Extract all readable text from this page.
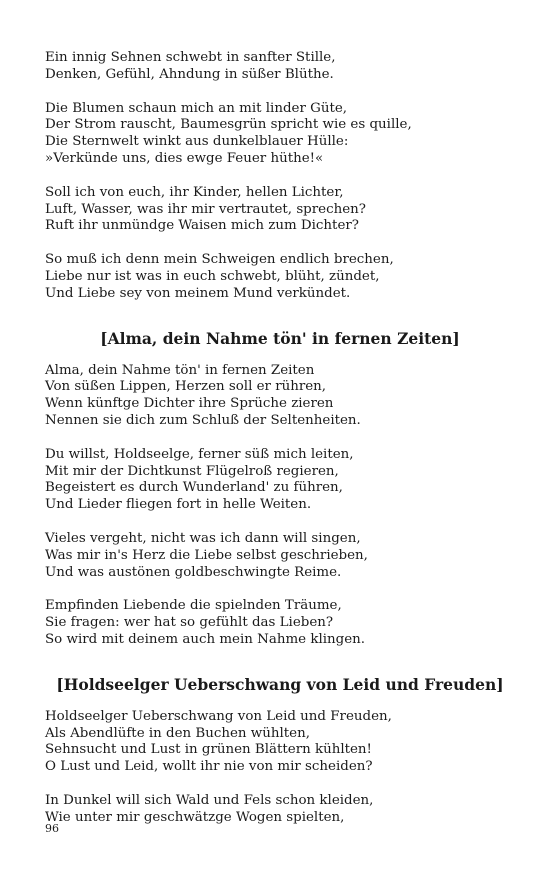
Ein innig Sehnen schwebt in sanfter Stille,
Denken, Gefühl, Ahndung in süßer Blüthe.
Die Blumen schaun mich an mit linder Güte,
Der Strom rauscht, Baumesgrün spricht wie es quille,
Die Sternwelt winkt aus dunkelblauer Hülle:
»Verkünde uns, dies ewge Feuer hüthe!«
Soll ich von euch, ihr Kinder, hellen Lichter,
Luft, Wasser, was ihr mir vertrautet, sprechen?
Ruft ihr unmündge Waisen mich zum Dichter?
So muß ich denn mein Schweigen endlich brechen,
Liebe nur ist was in euch schwebt, blüht, zündet,
Und Liebe sey von meinem Mund verkündet.
[Alma, dein Nahme tön' in fernen Zeiten]
Alma, dein Nahme tön' in fernen Zeiten
Von süßen Lippen, Herzen soll er rühren,
Wenn künftge Dichter ihre Sprüche zieren
Nennen sie dich zum Schluß der Seltenheiten.
Du willst, Holdseelge, ferner süß mich leiten,
Mit mir der Dichtkunst Flügelroß regieren,
Begeistert es durch Wunderland' zu führen,
Und Lieder fliegen fort in helle Weiten.
Vieles vergeht, nicht was ich dann will singen,
Was mir in's Herz die Liebe selbst geschrieben,
Und was austönen goldbeschwingte Reime.
Empfinden Liebende die spielnden Träume,
Sie fragen: wer hat so gefühlt das Lieben?
So wird mit deinem auch mein Nahme klingen.
[Holdseelger Ueberschwang von Leid und Freuden]
Holdseelger Ueberschwang von Leid und Freuden,
Als Abendlüfte in den Buchen wühlten,
Sehnsucht und Lust in grünen Blättern kühlten!
O Lust und Leid, wollt ihr nie von mir scheiden?
In Dunkel will sich Wald und Fels schon kleiden,
Wie unter mir geschwätzge Wogen spielten,
96
